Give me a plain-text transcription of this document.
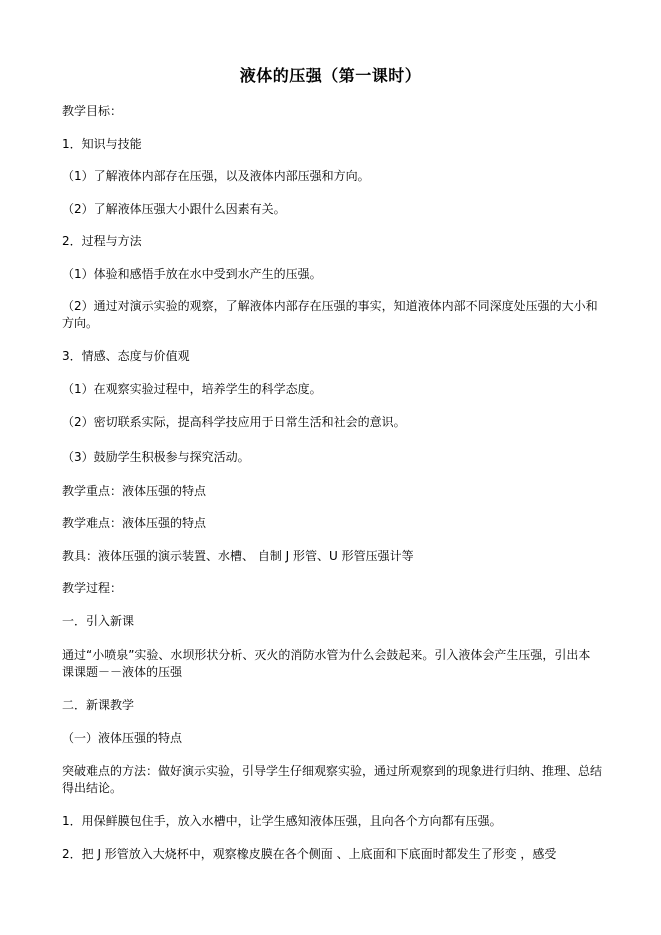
液体的压强（第一课时）
教学目标：
1．知识与技能
（1）了解液体内部存在压强，以及液体内部压强和方向。
（2）了解液体压强大小跟什么因素有关。
2．过程与方法
（1）体验和感悟手放在水中受到水产生的压强。
（2）通过对演示实验的观察，了解液体内部存在压强的事实，知道液体内部不同深度处压强的大小和方向。
3．情感、态度与价值观
（1）在观察实验过程中，培养学生的科学态度。
（2）密切联系实际，提高科学技应用于日常生活和社会的意识。
（3）鼓励学生积极参与探究活动。
教学重点：液体压强的特点
教学难点：液体压强的特点
教具：液体压强的演示装置、水槽、 自制 J 形管、U 形管压强计等
教学过程：
一．引入新课
通过“小喷泉”实验、水坝形状分析、灭火的消防水管为什么会鼓起来。引入液体会产生压强，引出本课课题－－液体的压强
二．新课教学
（一）液体压强的特点
突破难点的方法：做好演示实验，引导学生仔细观察实验，通过所观察到的现象进行归纳、推理、总结得出结论。
1．用保鲜膜包住手，放入水槽中，让学生感知液体压强，且向各个方向都有压强。
2．把 J 形管放入大烧杯中，观察橡皮膜在各个侧面 、上底面和下底面时都发生了形变 ，感受
